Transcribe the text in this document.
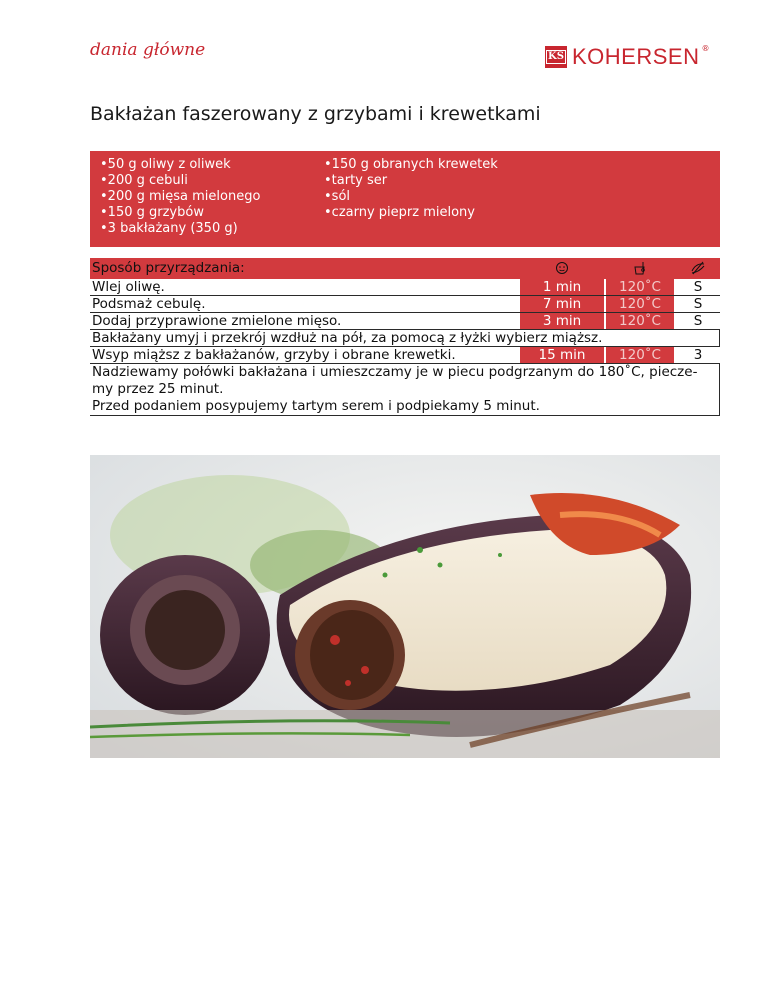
dania główne	KS KOHERSEN ®
Bakłażan faszerowany z grzybami i krewetkami
• 50 g oliwy z oliwek
• 200 g cebuli
• 200 g mięsa mielonego
• 150 g grzybów
• 3 bakłażany (350 g)
• 150 g obranych krewetek
• tarty ser
• sól
• czarny pieprz mielony
Sposób przyrządzania:
Wlej oliwę.	1 min	120˚C	S
Podsmaż cebulę.	7 min	120˚C	S
Dodaj przyprawione zmielone mięso.	3 min	120˚C	S
Bakłażany umyj i przekrój wzdłuż na pół, za pomocą z łyżki wybierz miąższ.
Wsyp miąższ z bakłażanów, grzyby i obrane krewetki.	15 min	120˚C	3
Nadziewamy połówki bakłażana i umieszczamy je w piecu podgrzanym do 180˚C, piecze-
my przez 25 minut.
Przed podaniem posypujemy tartym serem i podpiekamy 5 minut.
